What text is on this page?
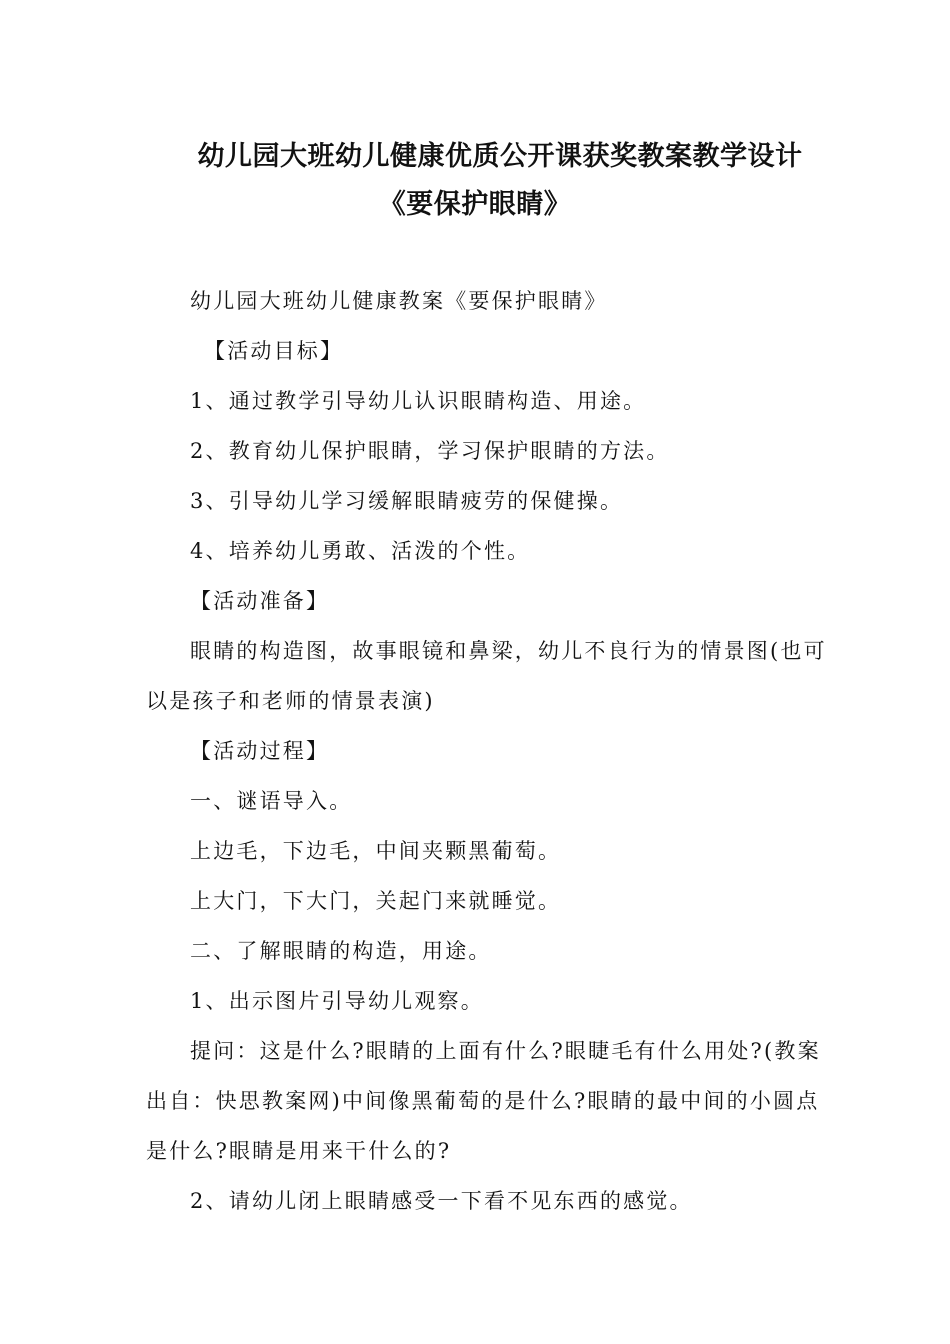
幼儿园大班幼儿健康优质公开课获奖教案教学设计
《要保护眼睛》
幼儿园大班幼儿健康教案《要保护眼睛》
【活动目标】
1、通过教学引导幼儿认识眼睛构造、用途。
2、教育幼儿保护眼睛，学习保护眼睛的方法。
3、引导幼儿学习缓解眼睛疲劳的保健操。
4、培养幼儿勇敢、活泼的个性。
【活动准备】
眼睛的构造图，故事眼镜和鼻梁，幼儿不良行为的情景图(也可
以是孩子和老师的情景表演)
【活动过程】
一、谜语导入。
上边毛，下边毛，中间夹颗黑葡萄。
上大门，下大门，关起门来就睡觉。
二、了解眼睛的构造，用途。
1、出示图片引导幼儿观察。
提问：这是什么?眼睛的上面有什么?眼睫毛有什么用处?(教案
出自：快思教案网)中间像黑葡萄的是什么?眼睛的最中间的小圆点
是什么?眼睛是用来干什么的?
2、请幼儿闭上眼睛感受一下看不见东西的感觉。
